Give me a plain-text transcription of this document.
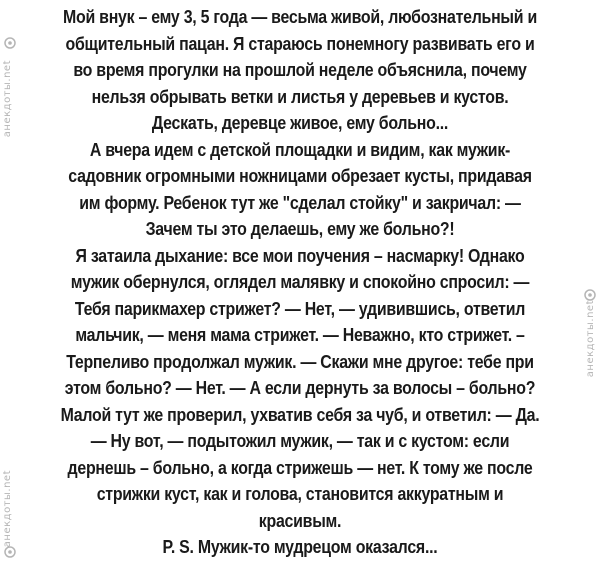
анекдоты.net
анекдоты.net
анекдоты.net
Мой внук – ему 3, 5 года — весьма живой, любознательный и
общительный пацан. Я стараюсь понемногу развивать его и
во время прогулки на прошлой неделе объяснила, почему
нельзя обрывать ветки и листья у деревьев и кустов.
Дескать, деревце живое, ему больно...
А вчера идем с детской площадки и видим, как мужик-
садовник огромными ножницами обрезает кусты, придавая
им форму. Ребенок тут же "сделал стойку" и закричал: —
Зачем ты это делаешь, ему же больно?!
Я затаила дыхание: все мои поучения – насмарку! Однако
мужик обернулся, оглядел малявку и спокойно спросил: —
Тебя парикмахер стрижет? — Нет, — удивившись, ответил
мальчик, — меня мама стрижет. — Неважно, кто стрижет. –
Терпеливо продолжал мужик. — Скажи мне другое: тебе при
этом больно? — Нет. — А если дернуть за волосы – больно?
Малой тут же проверил, ухватив себя за чуб, и ответил: — Да.
— Ну вот, — подытожил мужик, — так и с кустом: если
дернешь – больно, а когда стрижешь — нет. К тому же после
стрижки куст, как и голова, становится аккуратным и
красивым.
P. S. Мужик-то мудрецом оказался...
